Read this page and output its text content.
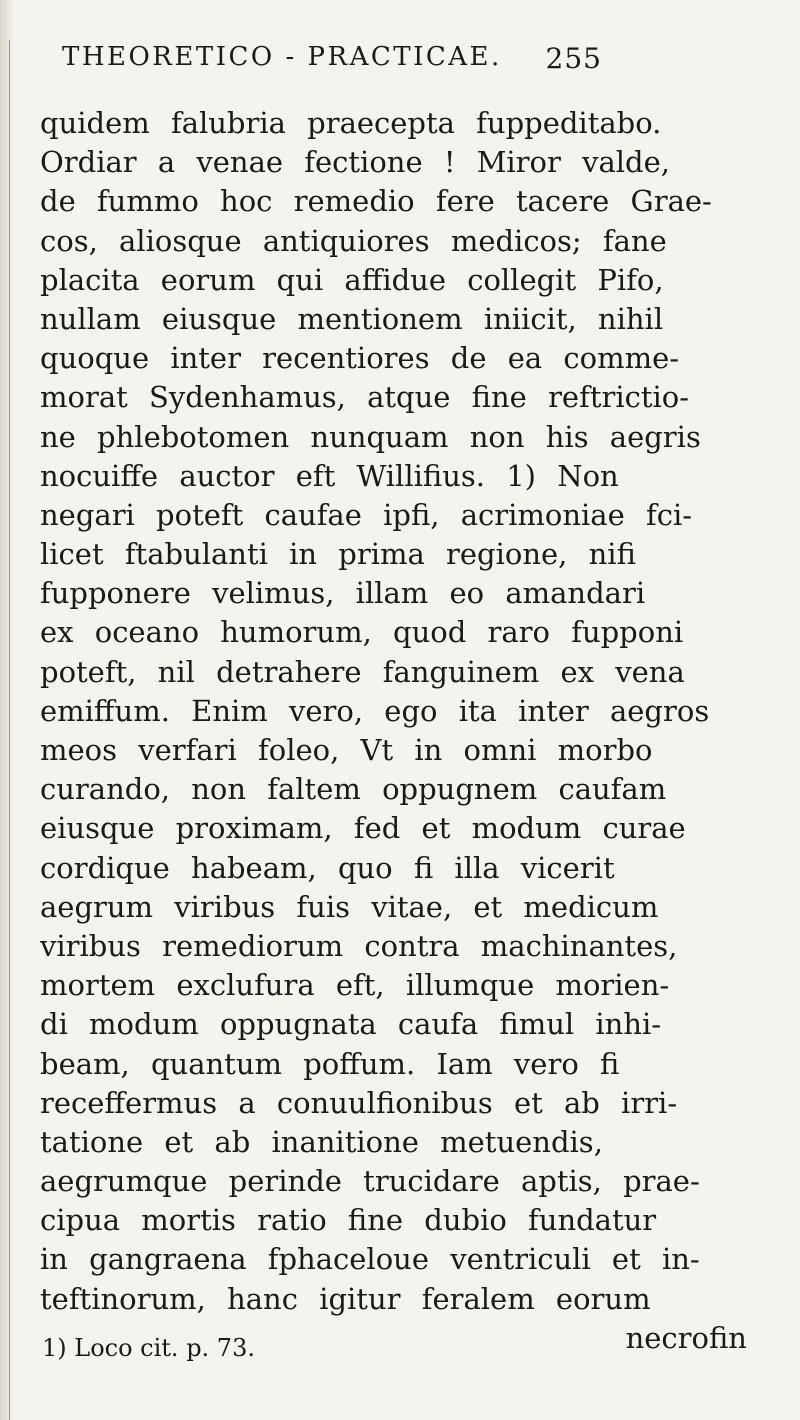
THEORETICO - PRACTICAE. 255
quidem falubria praecepta fuppeditabo.
Ordiar a venae fectione ! Miror valde,
de fummo hoc remedio fere tacere Grae-
cos, aliosque antiquiores medicos; fane
placita eorum qui affidue collegit Pifo,
nullam eiusque mentionem iniicit, nihil
quoque inter recentiores de ea comme-
morat Sydenhamus, atque fine reftrictio-
ne phlebotomen nunquam non his aegris
nocuiffe auctor eft Willifius. 1) Non
negari poteft caufae ipfi, acrimoniae fci-
licet ftabulanti in prima regione, nifi
fupponere velimus, illam eo amandari
ex oceano humorum, quod raro fupponi
poteft, nil detrahere fanguinem ex vena
emiffum. Enim vero, ego ita inter aegros
meos verfari foleo, Vt in omni morbo
curando, non faltem oppugnem caufam
eiusque proximam, fed et modum curae
cordique habeam, quo fi illa vicerit
aegrum viribus fuis vitae, et medicum
viribus remediorum contra machinantes,
mortem exclufura eft, illumque morien-
di modum oppugnata caufa fimul inhi-
beam, quantum poffum. Iam vero fi
receffermus a conuulfionibus et ab irri-
tatione et ab inanitione metuendis,
aegrumque perinde trucidare aptis, prae-
cipua mortis ratio fine dubio fundatur
in gangraena fphaceloue ventriculi et in-
teftinorum, hanc igitur feralem eorum
necrofin
1) Loco cit. p. 73.
